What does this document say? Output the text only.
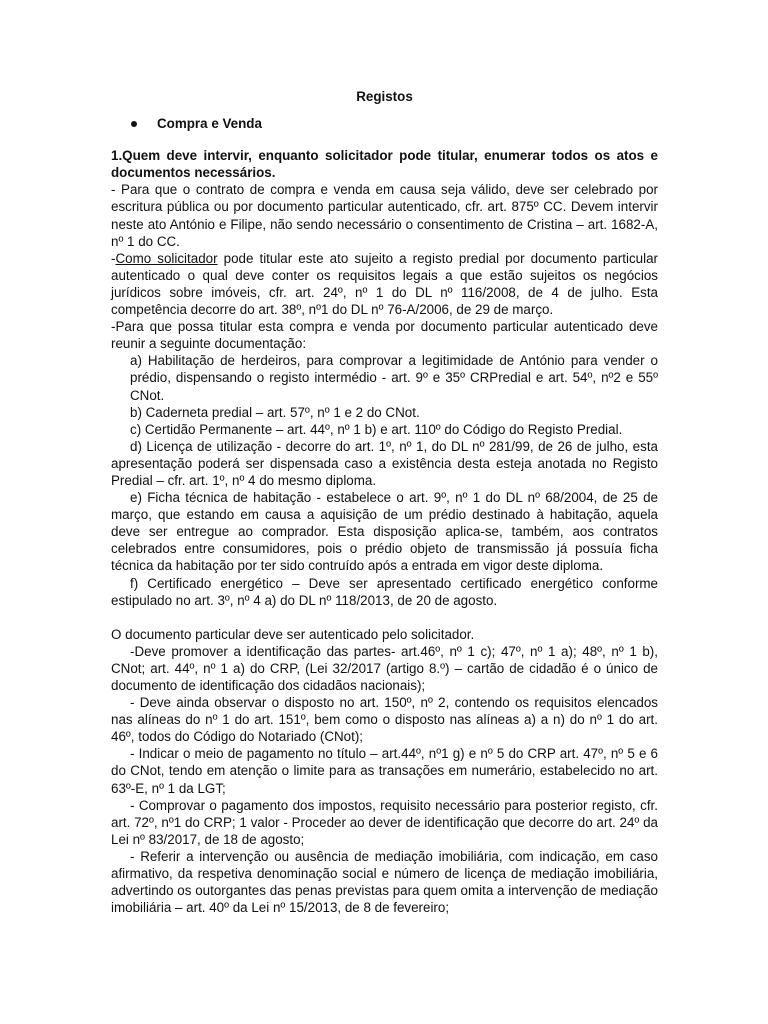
Registos
Compra e Venda

1.Quem deve intervir, enquanto solicitador pode titular, enumerar todos os atos e documentos necessários.

- Para que o contrato de compra e venda em causa seja válido, deve ser celebrado por escritura pública ou por documento particular autenticado, cfr. art. 875º CC. Devem intervir neste ato António e Filipe, não sendo necessário o consentimento de Cristina – art. 1682-A, nº 1 do CC.

-Como solicitador pode titular este ato sujeito a registo predial por documento particular autenticado o qual deve conter os requisitos legais a que estão sujeitos os negócios jurídicos sobre imóveis, cfr. art. 24º, nº 1 do DL nº 116/2008, de 4 de julho. Esta competência decorre do art. 38º, nº1 do DL nº 76-A/2006, de 29 de março.

-Para que possa titular esta compra e venda por documento particular autenticado deve reunir a seguinte documentação:

a) Habilitação de herdeiros, para comprovar a legitimidade de António para vender o prédio, dispensando o registo intermédio - art. 9º e 35º CRPredial e art. 54º, nº2 e 55º CNot.

b) Caderneta predial – art. 57º, nº 1 e 2 do CNot.

c) Certidão Permanente – art. 44º, nº 1 b) e art. 110º do Código do Registo Predial.

d) Licença de utilização - decorre do art. 1º, nº 1, do DL nº 281/99, de 26 de julho, esta apresentação poderá ser dispensada caso a existência desta esteja anotada no Registo Predial – cfr. art. 1º, nº 4 do mesmo diploma.

e) Ficha técnica de habitação - estabelece o art. 9º, nº 1 do DL nº 68/2004, de 25 de março, que estando em causa a aquisição de um prédio destinado à habitação, aquela deve ser entregue ao comprador. Esta disposição aplica-se, também, aos contratos celebrados entre consumidores, pois o prédio objeto de transmissão já possuía ficha técnica da habitação por ter sido contruído após a entrada em vigor deste diploma.

f) Certificado energético – Deve ser apresentado certificado energético conforme estipulado no art. 3º, nº 4 a) do DL nº 118/2013, de 20 de agosto.

O documento particular deve ser autenticado pelo solicitador.

-Deve promover a identificação das partes- art.46º, nº 1 c); 47º, nº 1 a); 48º, nº 1 b), CNot; art. 44º, nº 1 a) do CRP, (Lei 32/2017 (artigo 8.º) – cartão de cidadão é o único de documento de identificação dos cidadãos nacionais);

- Deve ainda observar o disposto no art. 150º, nº 2, contendo os requisitos elencados nas alíneas do nº 1 do art. 151º, bem como o disposto nas alíneas a) a n) do nº 1 do art. 46º, todos do Código do Notariado (CNot);

- Indicar o meio de pagamento no título – art.44º, nº1 g) e nº 5 do CRP art. 47º, nº 5 e 6 do CNot, tendo em atenção o limite para as transações em numerário, estabelecido no art. 63º-E, nº 1 da LGT;

- Comprovar o pagamento dos impostos, requisito necessário para posterior registo, cfr. art. 72º, nº1 do CRP; 1 valor - Proceder ao dever de identificação que decorre do art. 24º da Lei nº 83/2017, de 18 de agosto;

- Referir a intervenção ou ausência de mediação imobiliária, com indicação, em caso afirmativo, da respetiva denominação social e número de licença de mediação imobiliária, advertindo os outorgantes das penas previstas para quem omita a intervenção de mediação imobiliária – art. 40º da Lei nº 15/2013, de 8 de fevereiro;
